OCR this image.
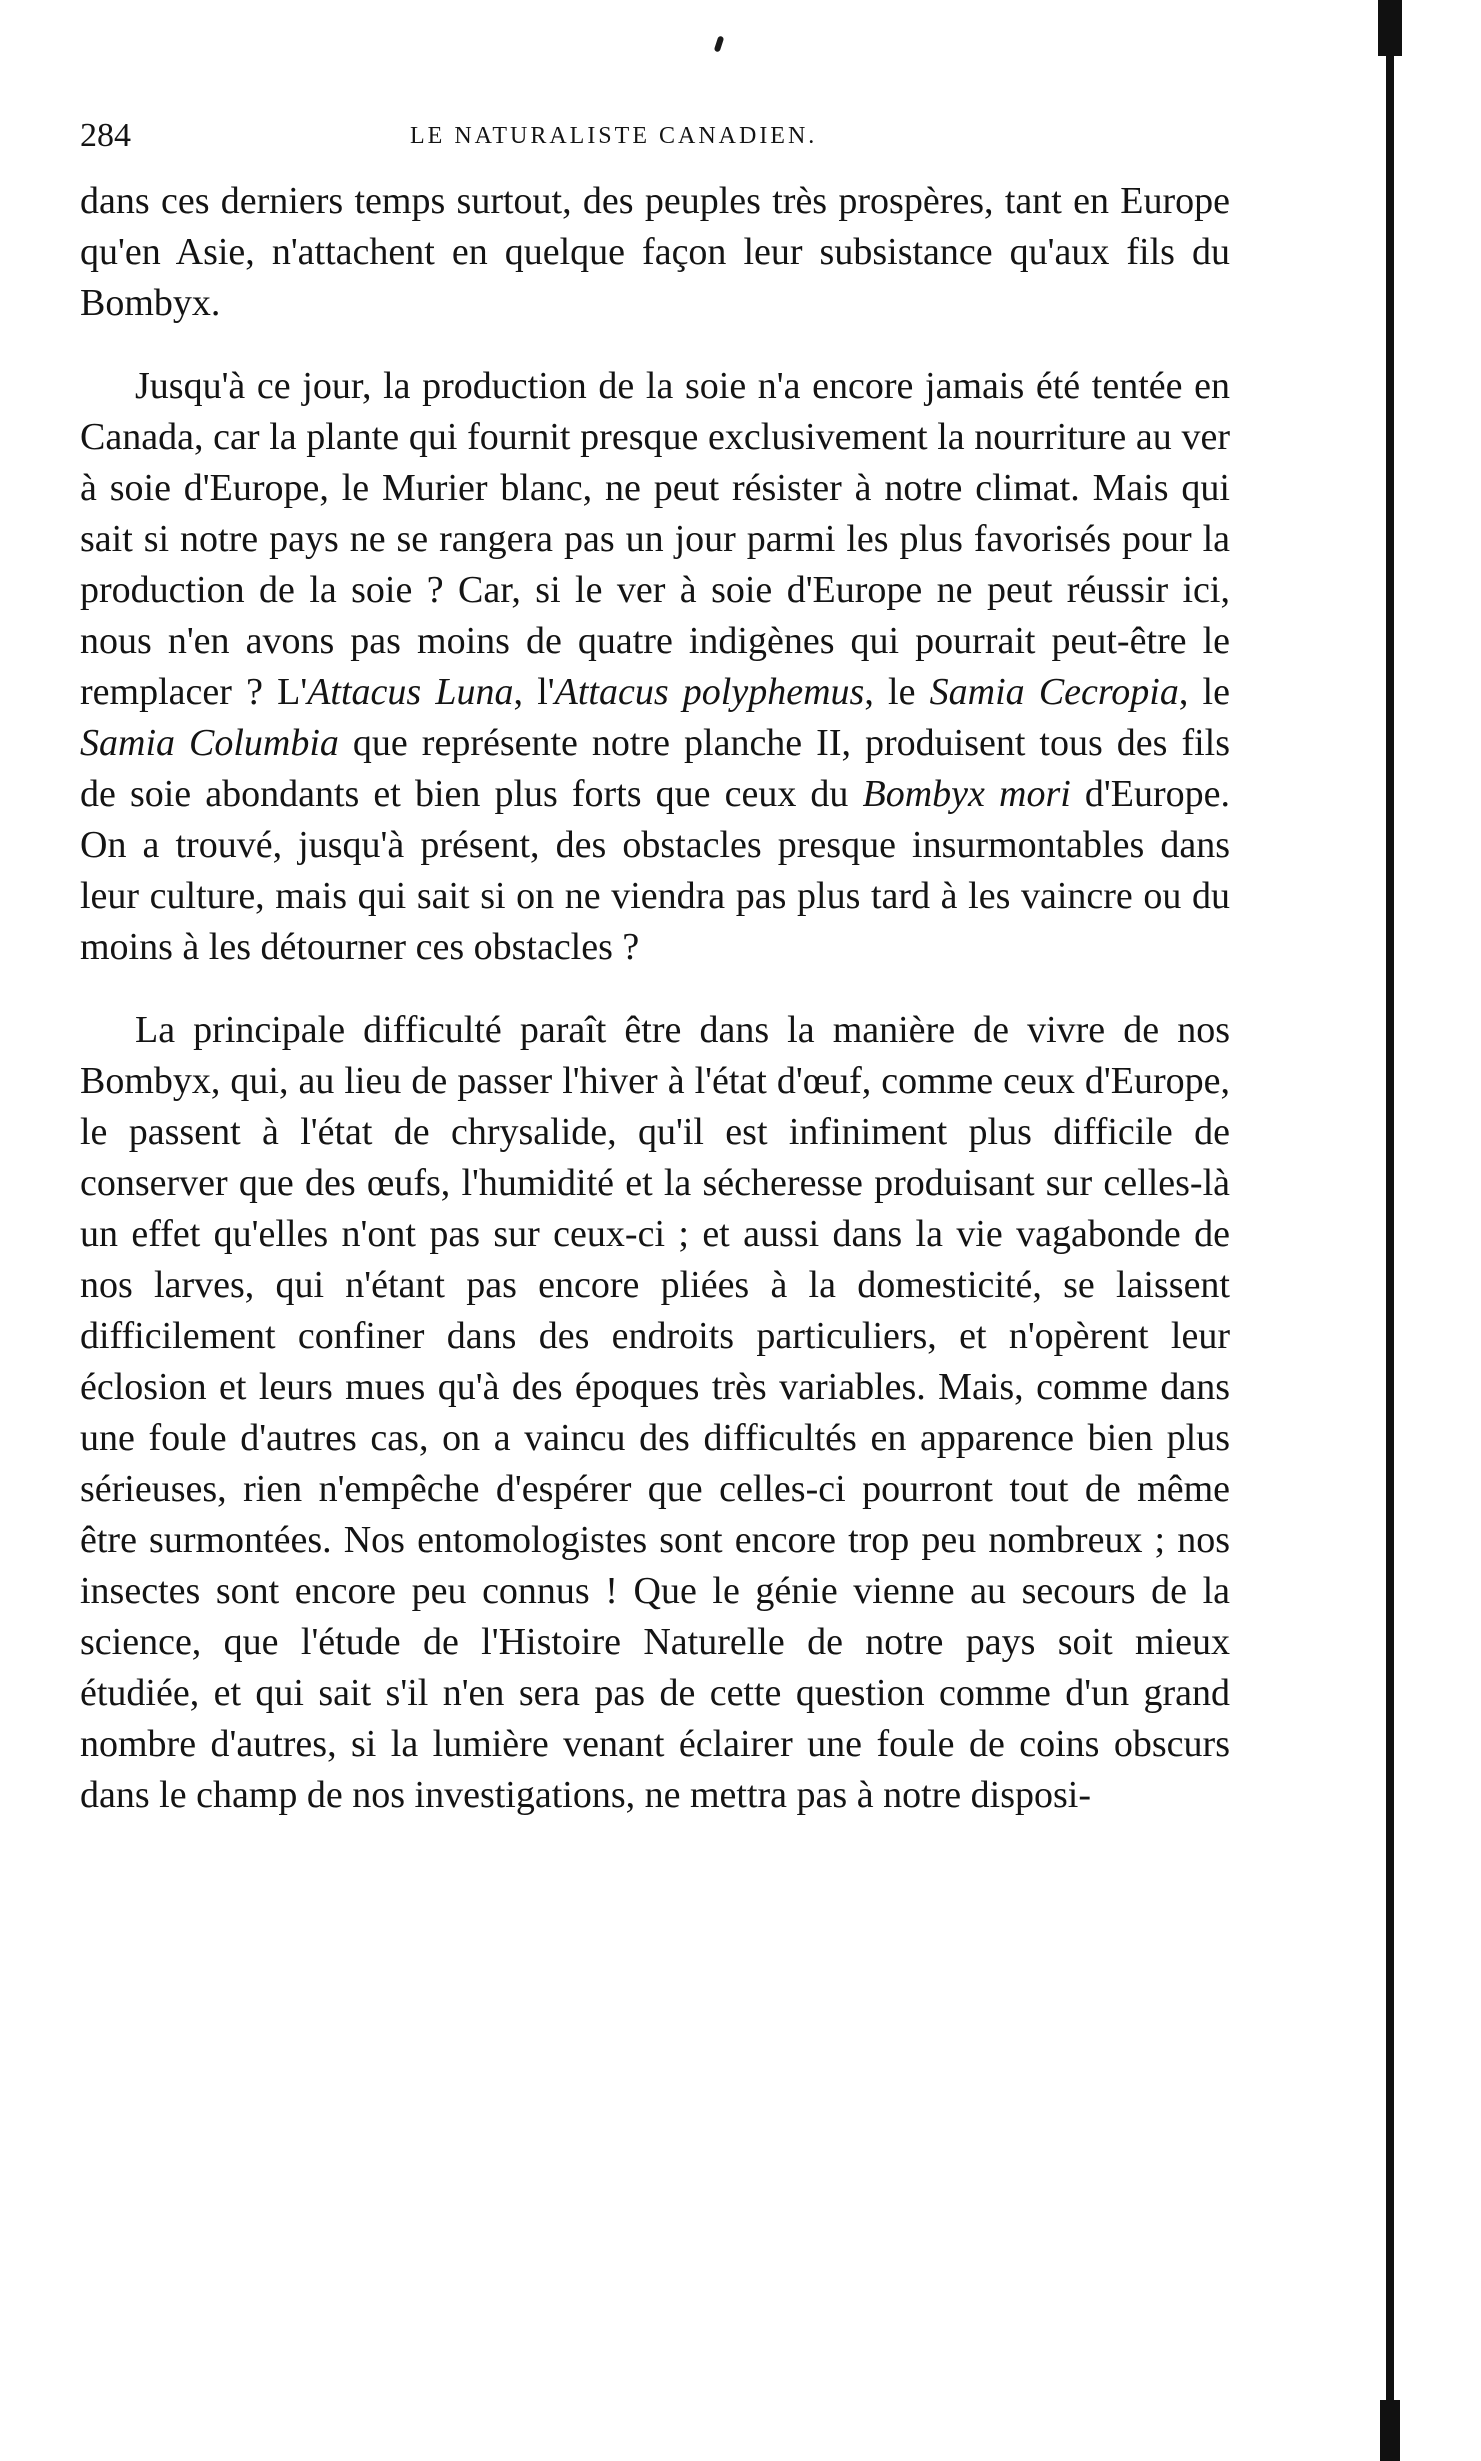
284	LE NATURALISTE CANADIEN.

dans ces derniers temps surtout, des peuples très prospères, tant en Europe qu'en Asie, n'attachent en quelque façon leur subsistance qu'aux fils du Bombyx.

Jusqu'à ce jour, la production de la soie n'a encore jamais été tentée en Canada, car la plante qui fournit presque exclusivement la nourriture au ver à soie d'Europe, le Murier blanc, ne peut résister à notre climat. Mais qui sait si notre pays ne se rangera pas un jour parmi les plus favorisés pour la production de la soie ? Car, si le ver à soie d'Europe ne peut réussir ici, nous n'en avons pas moins de quatre indigènes qui pourrait peut-être le remplacer ? L'Attacus Luna, l'Attacus polyphemus, le Samia Cecropia, le Samia Columbia que représente notre planche II, produisent tous des fils de soie abondants et bien plus forts que ceux du Bombyx mori d'Europe. On a trouvé, jusqu'à présent, des obstacles presque insurmontables dans leur culture, mais qui sait si on ne viendra pas plus tard à les vaincre ou du moins à les détourner ces obstacles ?

La principale difficulté paraît être dans la manière de vivre de nos Bombyx, qui, au lieu de passer l'hiver à l'état d'œuf, comme ceux d'Europe, le passent à l'état de chrysalide, qu'il est infiniment plus difficile de conserver que des œufs, l'humidité et la sécheresse produisant sur celles-là un effet qu'elles n'ont pas sur ceux-ci ; et aussi dans la vie vagabonde de nos larves, qui n'étant pas encore pliées à la domesticité, se laissent difficilement confiner dans des endroits particuliers, et n'opèrent leur éclosion et leurs mues qu'à des époques très variables. Mais, comme dans une foule d'autres cas, on a vaincu des difficultés en apparence bien plus sérieuses, rien n'empêche d'espérer que celles-ci pourront tout de même être surmontées. Nos entomologistes sont encore trop peu nombreux ; nos insectes sont encore peu connus ! Que le génie vienne au secours de la science, que l'étude de l'Histoire Naturelle de notre pays soit mieux étudiée, et qui sait s'il n'en sera pas de cette question comme d'un grand nombre d'autres, si la lumière venant éclairer une foule de coins obscurs dans le champ de nos investigations, ne mettra pas à notre disposi-
